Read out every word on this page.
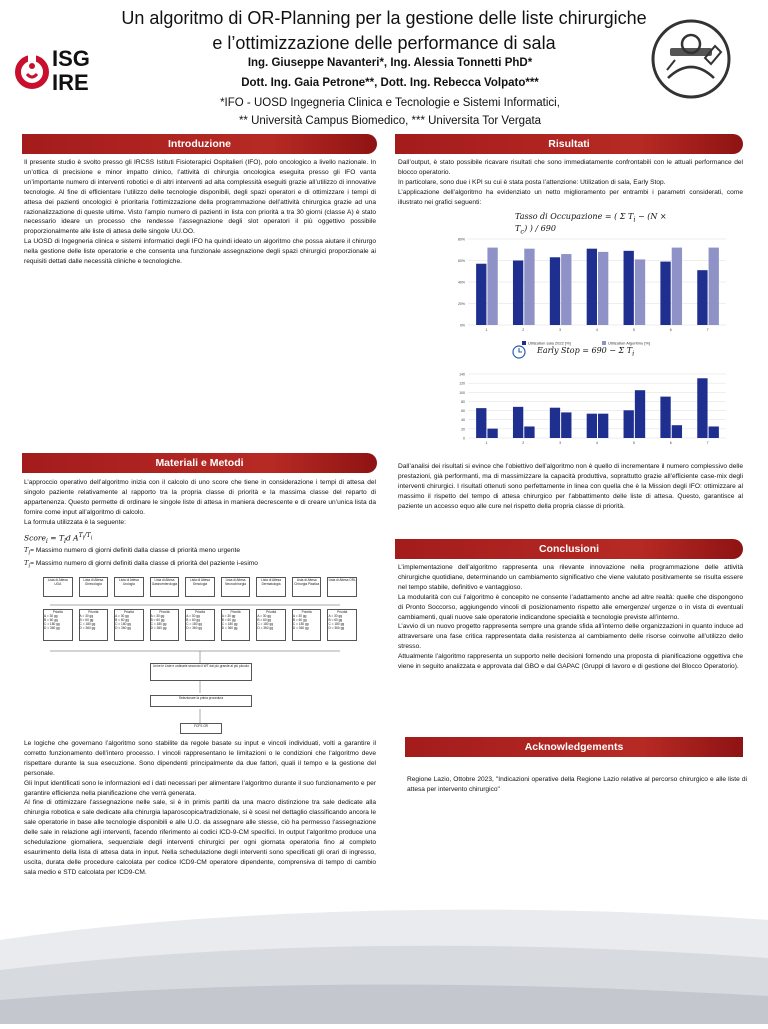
Un algoritmo di OR-Planning per la gestione delle liste chirurgiche
e l’ottimizzazione delle performance di sala
Ing. Giuseppe Navanteri*, Ing. Alessia Tonnetti PhD*
Dott. Ing. Gaia Petrone**, Dott. Ing. Rebecca Volpato***
*IFO - UOSD Ingegneria Clinica e Tecnologie e Sistemi Informatici,
** Università Campus Biomedico, *** Universita Tor Vergata
ISG
IRE
Introduzione

Il presente studio è svolto presso gli IRCSS Istituti Fisioterapici Ospitalieri (IFO), polo oncologico a livello nazionale. In un’ottica di precisione e minor impatto clinico, l’attività di chirurgia oncologica eseguita presso gli IFO vanta un’importante numero di interventi robotici e di altri interventi ad alta complessità eseguiti grazie all’utilizzo di innovative tecnologie. Al fine di efficientare l’utilizzo delle tecnologie disponibili, degli spazi operatori e di ottimizzare i tempi di attesa dei pazienti oncologici è prioritaria l’ottimizzazione della programmazione dell’attività chirurgica grazie ad una razionalizzazione di queste ultime. Visto l’ampio numero di pazienti in lista con priorità a tra 30 giorni (classe A) è stato necessario ideare un processo che rendesse l’assegnazione degli slot operatori il più oggettivo possibile proporzionalmente alle liste di attesa delle singole UU.OO.

La UOSD di Ingegneria clinica e sistemi informatici degli IFO ha quindi ideato un algoritmo che possa aiutare il chirurgo nella gestione delle liste operatorie e che consenta una funzionale assegnazione degli spazi chirurgici proporzionale ai requisiti dettati dalle necessità cliniche e tecnologiche.

Materiali e Metodi

L’approccio operativo dell’algoritmo inizia con il calcolo di uno score che tiene in considerazione i tempi di attesa del singolo paziente relativamente al rapporto tra la propria classe di priorità e la massima classe del reparto di appartenenza. Questo permette di ordinare le singole liste di attesa in maniera decrescente e di creare un’unica lista da fornire come input all’algoritmo di calcolo.

La formula utilizzata è la seguente:

Score$_i$ = $T_ld$ $A^{T_l/T_i}$

$T_l=$ Massimo numero di giorni definiti dalla classe di priorità meno urgente

$T_i=$ Massimo numero di giorni definiti dalla classe di priorità del paziente i-esimo

Lista di Attesa UOA
Priorità
A = 30 gg
B = 60 gg
C = 180 gg
D = 360 gg
Lista di Attesa Ginecologia
Priorità
A = 30 gg
B = 60 gg
C = 180 gg
D = 360 gg
Lista di Attesa Urologia
Priorità
A = 30 gg
B = 60 gg
C = 180 gg
D = 360 gg
Lista di Attesa Gastroenterologia
Priorità
A = 30 gg
B = 60 gg
C = 180 gg
D = 360 gg
Lista di Attesa Senologia
Priorità
A = 30 gg
B = 60 gg
C = 180 gg
D = 360 gg
Lista di Attesa Neurochirurgia
Priorità
A = 30 gg
B = 60 gg
C = 180 gg
D = 360 gg
Lista di Attesa Dermatologia
Priorità
A = 30 gg
B = 60 gg
C = 180 gg
D = 360 gg
Lista di Attesa Chirurgia Plastica
Priorità
A = 30 gg
B = 60 gg
C = 180 gg
D = 360 gg
Lista di Attesa ORL
Priorità
A = 30 gg
B = 60 gg
C = 180 gg
D = 360 gg
Unire le Liste e ordinarle secondo il WT dal più grande al più piccolo
Selezionare la prima procedura
FCFS OR

Le logiche che governano l’algoritmo sono stabilite da regole basate su input e vincoli individuati, volti a garantire il corretto funzionamento dell’intero processo. I vincoli rappresentano le limitazioni o le condizioni che l’algoritmo deve rispettare durante la sua esecuzione. Sono dipendenti principalmente da due fattori, quali il tempo e la gestione del personale.

Gli Input identificati sono le informazioni ed i dati necessari per alimentare l’algoritmo durante il suo funzionamento e per garantire efficienza nella pianificazione che verrà generata.

Al fine di ottimizzare l’assegnazione nelle sale, si è in primis partiti da una macro distinzione tra sale dedicate alla chirurgia robotica e sale dedicate alla chirurgia laparoscopica/tradizionale, si è scesi nel dettaglio classificando ancora le sale operatorie in base alle tecnologie disponibili e alle U.O. da assegnare alle stesse, ciò ha permesso l’assegnazione delle sale in relazione agli interventi, facendo riferimento ai codici ICD-9-CM specifici. In output l’algoritmo produce una schedulazione giornaliera, sequenziale degli interventi chirurgici per ogni giornata operatoria fino al completo esaurimento della lista di attesa data in input. Nella schedulazione degli interventi sono specificati gli orari di ingresso, uscita, durata delle procedure calcolata per codice ICD9-CM operatore dipendente, comprensiva di tempo di cambio sala medio e STD calcolata per ICD9-CM.

Risultati

Dall’output, è stato possibile ricavare risultati che sono immediatamente confrontabili con le attuali performance del blocco operatorio.

In particolare, sono due i KPI su cui è stata posta l’attenzione: Utilization di sala, Early Stop.

L’applicazione dell’algoritmo ha evidenziato un netto miglioramento per entrambi i parametri considerati, come illustrato nei grafici seguenti:

Tasso di Occupazione = ( Σ $T_i - (N \times T_c)$ ) / 690
0%
20%
40%
60%
80%
1	2	3	4	5	6	7
Utilization sala 2022 [%]	Utilization Algoritmo [%]
Early Stop = 690 − Σ $T_i$
0
20
40
60
80
100
120
140
1	2	3	4	5	6	7
Dall’analisi dei risultati si evince che l’obiettivo dell’algoritmo non è quello di incrementare il numero complessivo delle prestazioni, già performanti, ma di massimizzare la capacità produttiva, soprattutto grazie all’efficiente case-mix degli interventi chirurgici. I risultati ottenuti sono perfettamente in linea con quella che è la Mission degli IFO: ottimizzare al massimo il rispetto del tempo di attesa chirurgico per l’abbattimento delle liste di attesa. Questo, garantisce al paziente un accesso equo alle cure nel rispetto della propria classe di priorità.
Conclusioni

L’implementazione dell’algoritmo rappresenta una rilevante innovazione nella programmazione delle attività chirurgiche quotidiane, determinando un cambiamento significativo che viene valutato positivamente se risulta essere nel tempo stabile, definitivo e vantaggioso.

La modularità con cui l’algoritmo è concepito ne consente l’adattamento anche ad altre realtà: quelle che dispongono di Pronto Soccorso, aggiungendo vincoli di posizionamento rispetto alle emergenze/ urgenze o in vista di eventuali cambiamenti, quali nuove sale operatorie indicandone specialità e tecnologie previste all’interno.

L’avvio di un nuovo progetto rappresenta sempre una grande sfida all’interno delle organizzazioni in quanto induce ad attraversare una fase critica rappresentata dalla resistenza al cambiamento delle risorse coinvolte all’utilizzo dello stresso.

Attualmente l’algoritmo rappresenta un supporto nelle decisioni fornendo una proposta di pianificazione oggettiva che viene in seguito analizzata e approvata dal GBO e dal GAPAC (Gruppi di lavoro e di gestione del Blocco Operatorio).

Acknowledgements
Regione Lazio, Ottobre 2023, "Indicazioni operative della Regione Lazio relative al percorso chirurgico e alle liste di attesa per intervento chirurgico"
